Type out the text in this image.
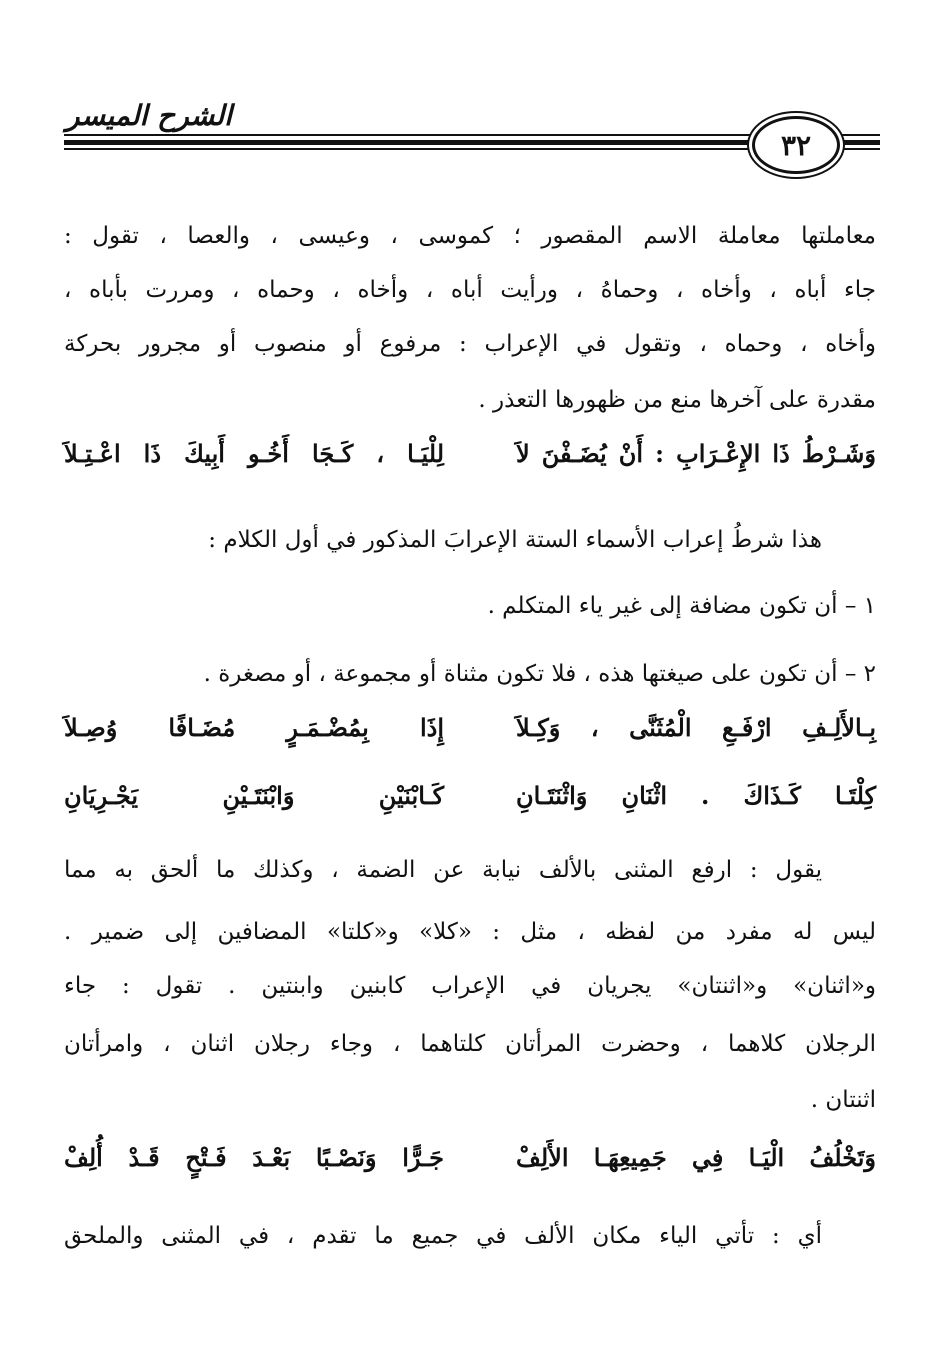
الشرح الميسر
٣٢
معاملتها معاملة الاسم المقصور ؛ كموسى ، وعيسى ، والعصا ، تقول :
جاء أباه ، وأخاه ، وحماهُ ، ورأيت أباه ، وأخاه ، وحماه ، ومررت بأباه ،
وأخاه ، وحماه ، وتقول في الإعراب : مرفوع أو منصوب أو مجرور بحركة
مقدرة على آخرها منع من ظهورها التعذر .
وَشَـرْطُ ذَا الإِعْـرَابِ : أَنْ يُضَـفْنَ لاَ
لِلْيَـا ، كَـجَا أَخُـو أَبِيكَ ذَا اعْـتِـلاَ
هذا شرطُ إعراب الأسماء الستة الإعرابَ المذكور في أول الكلام :
١ – أن تكون مضافة إلى غير ياء المتكلم .
٢ – أن تكون على صيغتها هذه ، فلا تكون مثناة أو مجموعة ، أو مصغرة .
بِـالأَلِـفِ ارْفَـعِ الْمُثَنَّى ، وَكِـلاَ
إِذَا بِمُضْـمَـرٍ مُضَـافًا وُصِـلاَ
كِلْتَـا كَـذَاكَ . اثْنَانِ وَاثْنَتَـانِ
كَـابْنَيْنِ وَابْنَتَـيْنِ يَجْـرِيَانِ
يقول : ارفع المثنى بالألف نيابة عن الضمة ، وكذلك ما ألحق به مما
ليس له مفرد من لفظه ، مثل : «كلا» و«كلتا» المضافين إلى ضمير .
و«اثنان» و«اثنتان» يجريان في الإعراب كابنين وابنتين . تقول : جاء
الرجلان كلاهما ، وحضرت المرأتان كلتاهما ، وجاء رجلان اثنان ، وامرأتان
اثنتان .
وَتَخْلُفُ الْيَـا فِي جَمِيعِهَـا الأَلِفْ
جَـرًّا وَنَصْـبًا بَعْـدَ فَـتْحٍ قَـدْ أُلِفْ
أي : تأتي الياء مكان الألف في جميع ما تقدم ، في المثنى والملحق
